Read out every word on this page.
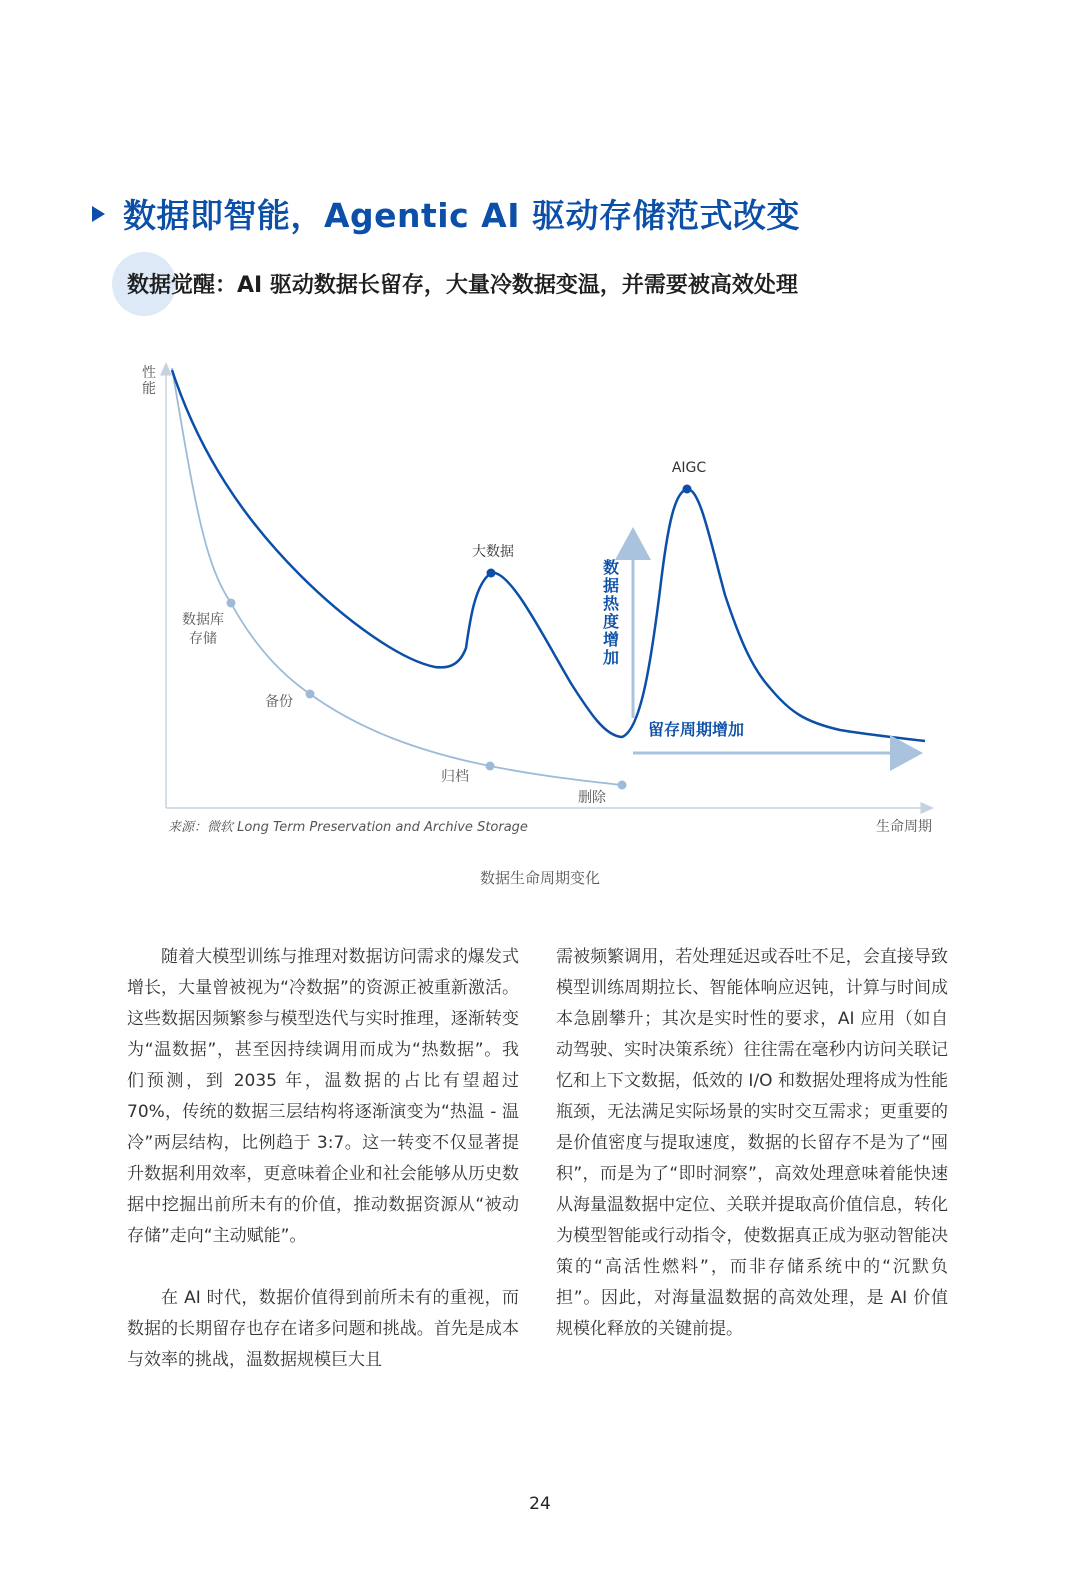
数据即智能，Agentic AI 驱动存储范式改变
数据觉醒：AI 驱动数据长留存，大量冷数据变温，并需要被高效处理
性
能
数据库
存储
备份
归档
删除
大数据
AIGC
数
据
热
度
增
加
留存周期增加
来源：微软 Long Term Preservation and Archive Storage	生命周期
数据生命周期变化

随着大模型训练与推理对数据访问需求的爆发式增长，大量曾被视为“冷数据”的资源正被重新激活。这些数据因频繁参与模型迭代与实时推理，逐渐转变为“温数据”，甚至因持续调用而成为“热数据”。我们预测，到 2035 年，温数据的占比有望超过 70%，传统的数据三层结构将逐渐演变为“热温 - 温冷”两层结构，比例趋于 3:7。这一转变不仅显著提升数据利用效率，更意味着企业和社会能够从历史数据中挖掘出前所未有的价值，推动数据资源从“被动存储”走向“主动赋能”。

在 AI 时代，数据价值得到前所未有的重视，而数据的长期留存也存在诸多问题和挑战。首先是成本与效率的挑战，温数据规模巨大且

需被频繁调用，若处理延迟或吞吐不足，会直接导致模型训练周期拉长、智能体响应迟钝，计算与时间成本急剧攀升；其次是实时性的要求，AI 应用（如自动驾驶、实时决策系统）往往需在毫秒内访问关联记忆和上下文数据，低效的 I/O 和数据处理将成为性能瓶颈，无法满足实际场景的实时交互需求；更重要的是价值密度与提取速度，数据的长留存不是为了“囤积”，而是为了“即时洞察”，高效处理意味着能快速从海量温数据中定位、关联并提取高价值信息，转化为模型智能或行动指令，使数据真正成为驱动智能决策的“高活性燃料”，而非存储系统中的“沉默负担”。因此，对海量温数据的高效处理，是 AI 价值规模化释放的关键前提。

24
